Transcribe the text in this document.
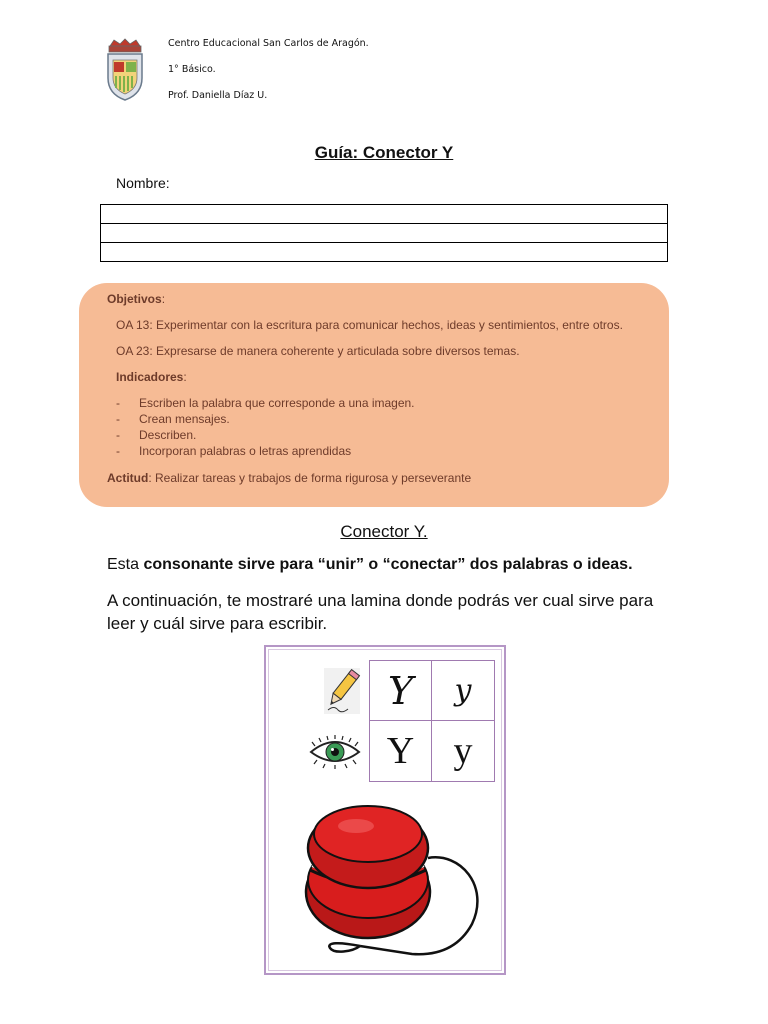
Centro Educacional San Carlos de Aragón.
1° Básico.
Prof. Daniella Díaz U.
Guía: Conector Y
Nombre:
Objetivos:
OA 13: Experimentar con la escritura para comunicar hechos, ideas y sentimientos, entre otros.
OA 23: Expresarse de manera coherente y articulada sobre diversos temas.
Indicadores:
- Escriben la palabra que corresponde a una imagen.
- Crean mensajes.
- Describen.
- Incorporan palabras o letras aprendidas
Actitud: Realizar tareas y trabajos de forma rigurosa y perseverante
Conector Y.
Esta consonante sirve para “unir” o “conectar” dos palabras o ideas.
A continuación, te mostraré una lamina donde podrás ver cual sirve para leer y cuál sirve para escribir.
Y y
Y y
